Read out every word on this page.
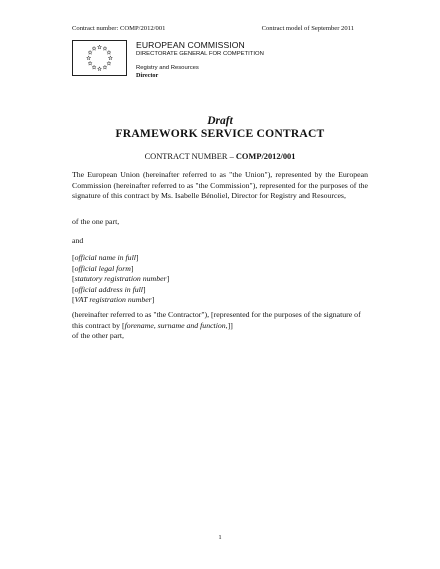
Contract number: COMP/2012/001	Contract model of September 2011
EUROPEAN COMMISSION
DIRECTORATE GENERAL FOR COMPETITION
Registry and Resources
Director
Draft
FRAMEWORK SERVICE CONTRACT
CONTRACT NUMBER – COMP/2012/001
The European Union (hereinafter referred to as "the Union"), represented by the European Commission (hereinafter referred to as "the Commission"), represented for the purposes of the signature of this contract by Ms. Isabelle Bénoliel, Director for Registry and Resources,
of the one part,
and
[official name in full]
[official legal form]
[statutory registration number]
[official address in full]
[VAT registration number]
(hereinafter referred to as "the Contractor"), [represented for the purposes of the signature of this contract by [forename, surname and function,]]
of the other part,
1
